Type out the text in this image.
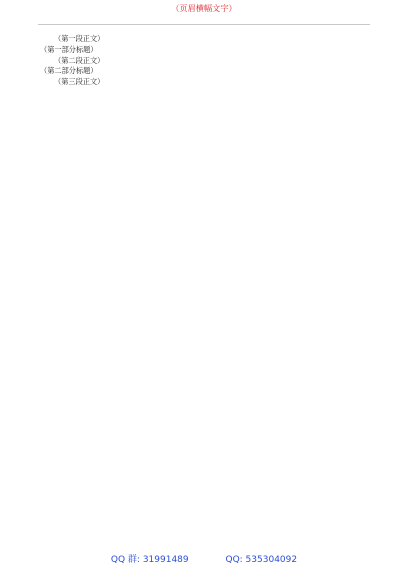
（页眉横幅文字）

（第一段正文）

（第一部分标题）

（第二段正文）

（第二部分标题）

（第三段正文）

QQ 群: 31991489	QQ: 535304092
